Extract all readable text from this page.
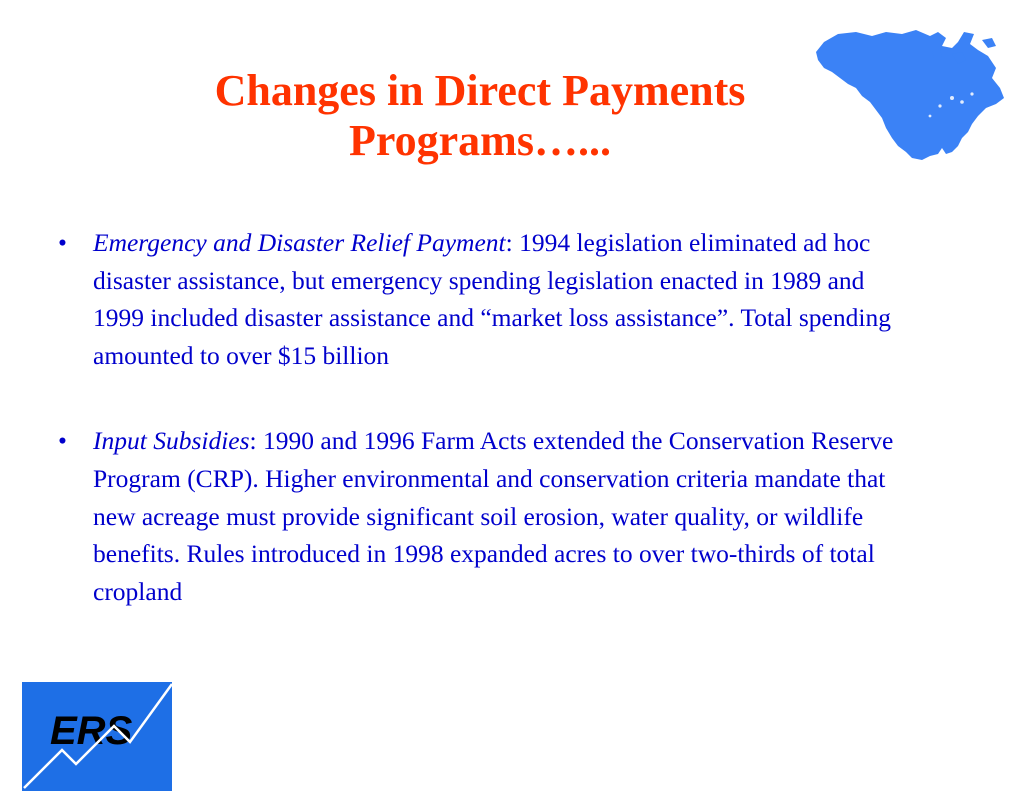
Changes in Direct Payments
Programs…...
• Emergency and Disaster Relief Payment: 1994 legislation eliminated ad hoc disaster assistance, but emergency spending legislation enacted in 1989 and 1999 included disaster assistance and “market loss assistance”. Total spending amounted to over $15 billion
• Input Subsidies: 1990 and 1996 Farm Acts extended the Conservation Reserve Program (CRP). Higher environmental and conservation criteria mandate that new acreage must provide significant soil erosion, water quality, or wildlife benefits. Rules introduced in 1998 expanded acres to over two-thirds of total cropland
ERS
